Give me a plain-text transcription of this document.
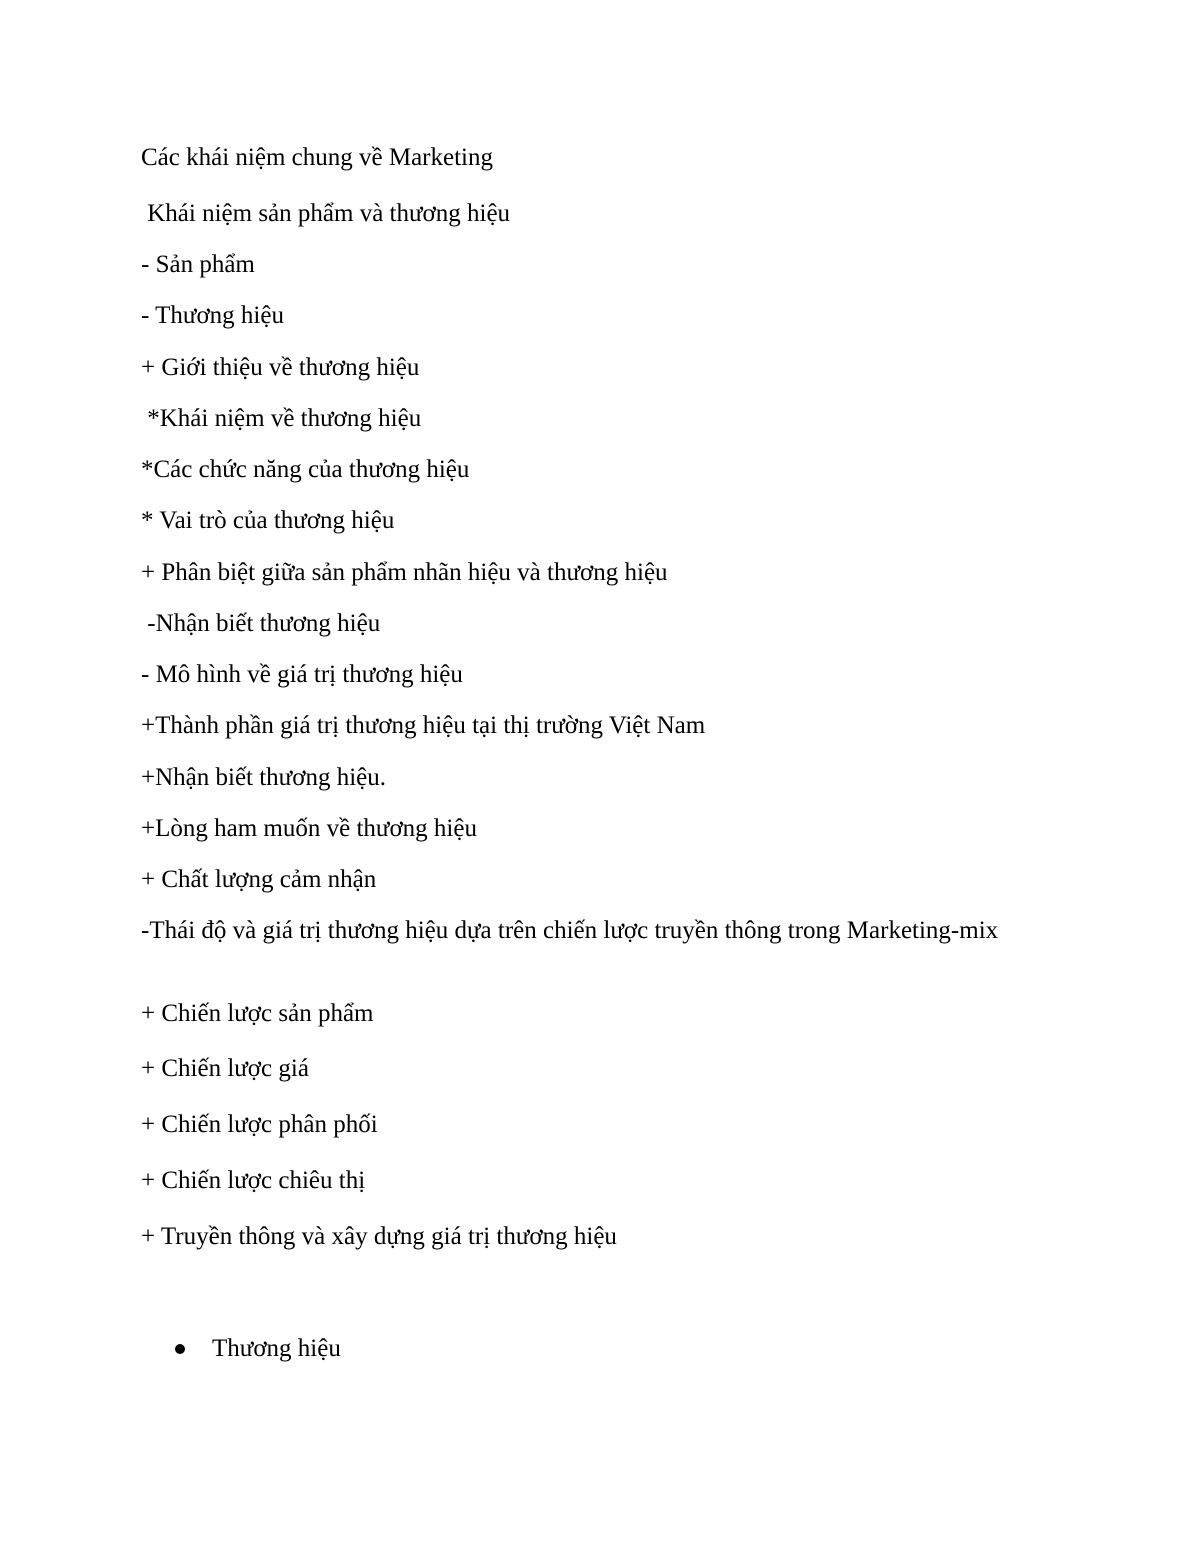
Các khái niệm chung về Marketing
Khái niệm sản phẩm và thương hiệu
- Sản phẩm
- Thương hiệu
+ Giới thiệu về thương hiệu
*Khái niệm về thương hiệu
*Các chức năng của thương hiệu
* Vai trò của thương hiệu
+ Phân biệt giữa sản phẩm nhãn hiệu và thương hiệu
-Nhận biết thương hiệu
- Mô hình về giá trị thương hiệu
+Thành phần giá trị thương hiệu tại thị trường Việt Nam
+Nhận biết thương hiệu.
+Lòng ham muốn về thương hiệu
+ Chất lượng cảm nhận
-Thái độ và giá trị thương hiệu dựa trên chiến lược truyền thông trong Marketing-mix
+ Chiến lược sản phẩm
+ Chiến lược giá
+ Chiến lược phân phối
+ Chiến lược chiêu thị
+ Truyền thông và xây dựng giá trị thương hiệu
Thương hiệu
